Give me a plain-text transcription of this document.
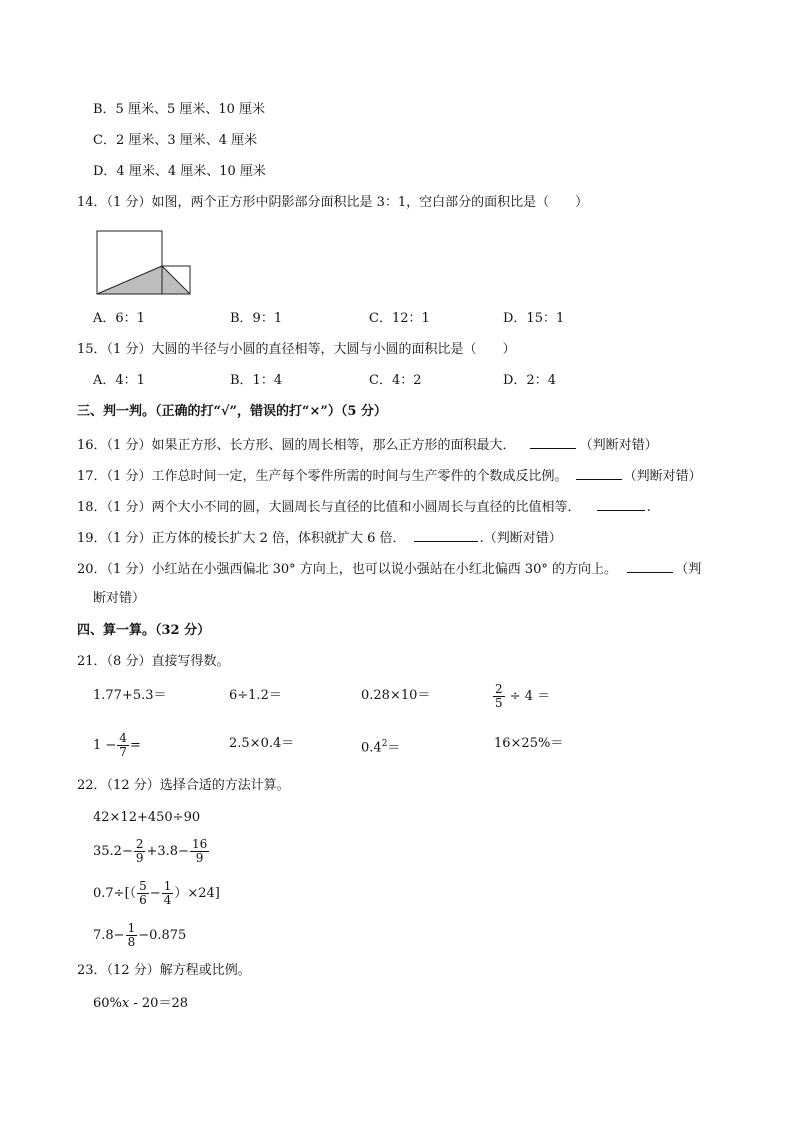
B．5 厘米、5 厘米、10 厘米
C．2 厘米、3 厘米、4 厘米
D．4 厘米、4 厘米、10 厘米
14．（1 分）如图，两个正方形中阴影部分面积比是 3：1，空白部分的面积比是（　　）
A．6：1	B．9：1	C．12：1	D．15：1
15．（1 分）大圆的半径与小圆的直径相等，大圆与小圆的面积比是（　　）
A．4：1	B．1：4	C．4：2	D．2：4
三、判一判。（正确的打“√”，错误的打“×”）（5 分）
16．（1 分）如果正方形、长方形、圆的周长相等，那么正方形的面积最大．	（判断对错）
17．（1 分）工作总时间一定，生产每个零件所需的时间与生产零件的个数成反比例。	（判断对错）
18．（1 分）两个大小不同的圆，大圆周长与直径的比值和小圆周长与直径的比值相等．	.
19．（1 分）正方体的棱长扩大 2 倍，体积就扩大 6 倍．	.（判断对错）
20．（1 分）小红站在小强西偏北 30° 方向上，也可以说小强站在小红北偏西 30° 的方向上。	（判
断对错）
四、算一算。（32 分）
21．（8 分）直接写得数。
1.77+5.3＝	6÷1.2＝	0.28×10＝	$\frac{2}{5} \div 4$ ＝
$1 - \frac{4}{7}$ =	2.5×0.4＝	$0.4^2=$	16×25%＝
22．（12 分）选择合适的方法计算。
42×12+450÷90
$35.2- \frac{2}{9} +3.8- \frac{16}{9}$
$0.7\div[( \frac{5}{6} - \frac{1}{4} )\times 24]$
$7.8- \frac{1}{8} -0.875$
23．（12 分）解方程或比例。
60%x - 20＝28
